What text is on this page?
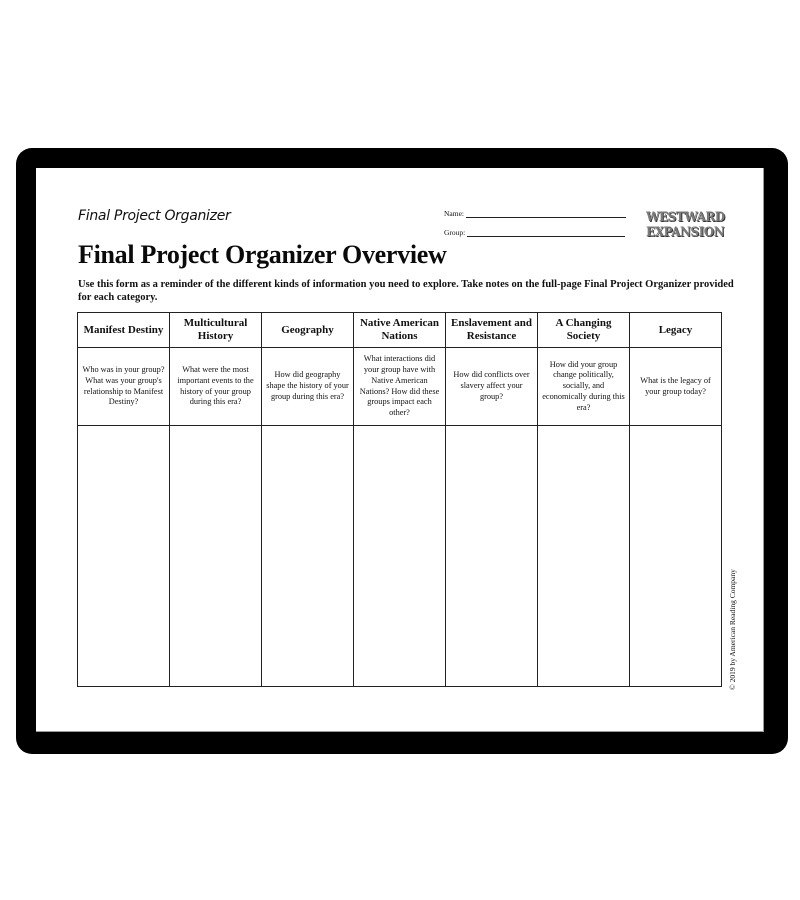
Final Project Organizer	Name:
Group:
WESTWARD
EXPANSION
Final Project Organizer Overview
Use this form as a reminder of the different kinds of information you need to explore. Take notes on the full-page Final Project Organizer provided for each category.
Manifest Destiny	Multicultural History	Geography	Native American Nations	Enslavement and Resistance	A Changing Society	Legacy
Who was in your group? What was your group's relationship to Manifest Destiny?	What were the most important events to the history of your group during this era?	How did geography shape the history of your group during this era?	What interactions did your group have with Native American Nations? How did these groups impact each other?	How did conflicts over slavery affect your group?	How did your group change politically, socially, and economically during this era?	What is the legacy of your group today?

© 2019 by American Reading Company
